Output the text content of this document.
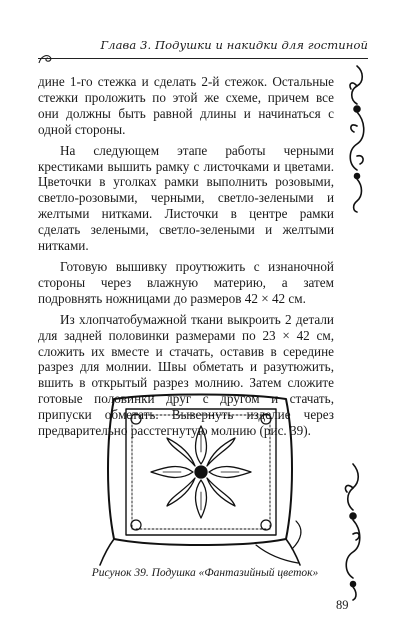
Глава 3. Подушки и накидки для гостиной

дине 1-го стежка и сделать 2-й стежок. Остальные стежки проложить по этой же схеме, причем все они должны быть равной длины и начинаться с одной стороны.

На следующем этапе работы черными крестиками вышить рамку с листочками и цветами. Цветочки в уголках рамки выполнить розовыми, светло-розовыми, черными, светло-зелеными и желтыми нитками. Листочки в центре рамки сделать зелеными, светло-зелеными и желтыми нитками.

Готовую вышивку проутюжить с изнаночной стороны через влажную материю, а затем подровнять ножницами до размеров 42 × 42 см.

Из хлопчатобумажной ткани выкроить 2 детали для задней половинки размерами по 23 × 42 см, сложить их вместе и стачать, оставив в середине разрез для молнии. Швы обметать и разутюжить, вшить в открытый разрез молнию. Затем сложите готовые половинки друг с другом и стачать, припуски обметать. Вывернуть изделие через предварительно расстегнутую молнию (рис. 39).

Рисунок 39. Подушка «Фантазийный цветок»
89
